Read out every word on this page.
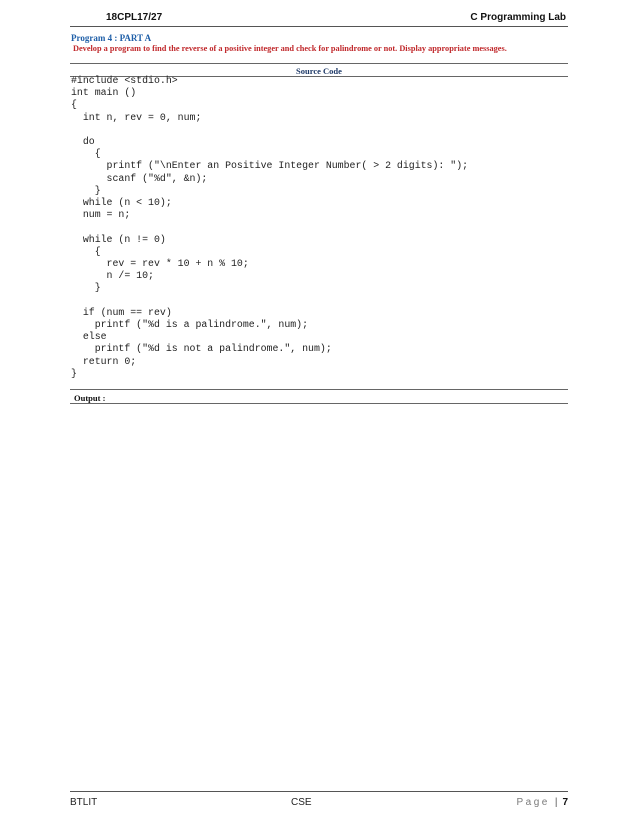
18CPL17/27	C Programming Lab
Program 4 : PART A
Develop a program to find the reverse of a positive integer and check for palindrome or not. Display appropriate messages.
Source Code
#include <stdio.h>
int main ()
{
int n, rev = 0, num;

do
{
printf ("\nEnter an Positive Integer Number( > 2 digits): ");
scanf ("%d", &n);
}
while (n < 10);
num = n;

while (n != 0)
{
rev = rev * 10 + n % 10;
n /= 10;
}

if (num == rev)
printf ("%d is a palindrome.", num);
else
printf ("%d is not a palindrome.", num);
return 0;
}

Output :
BTLIT	CSE	Page | 7
